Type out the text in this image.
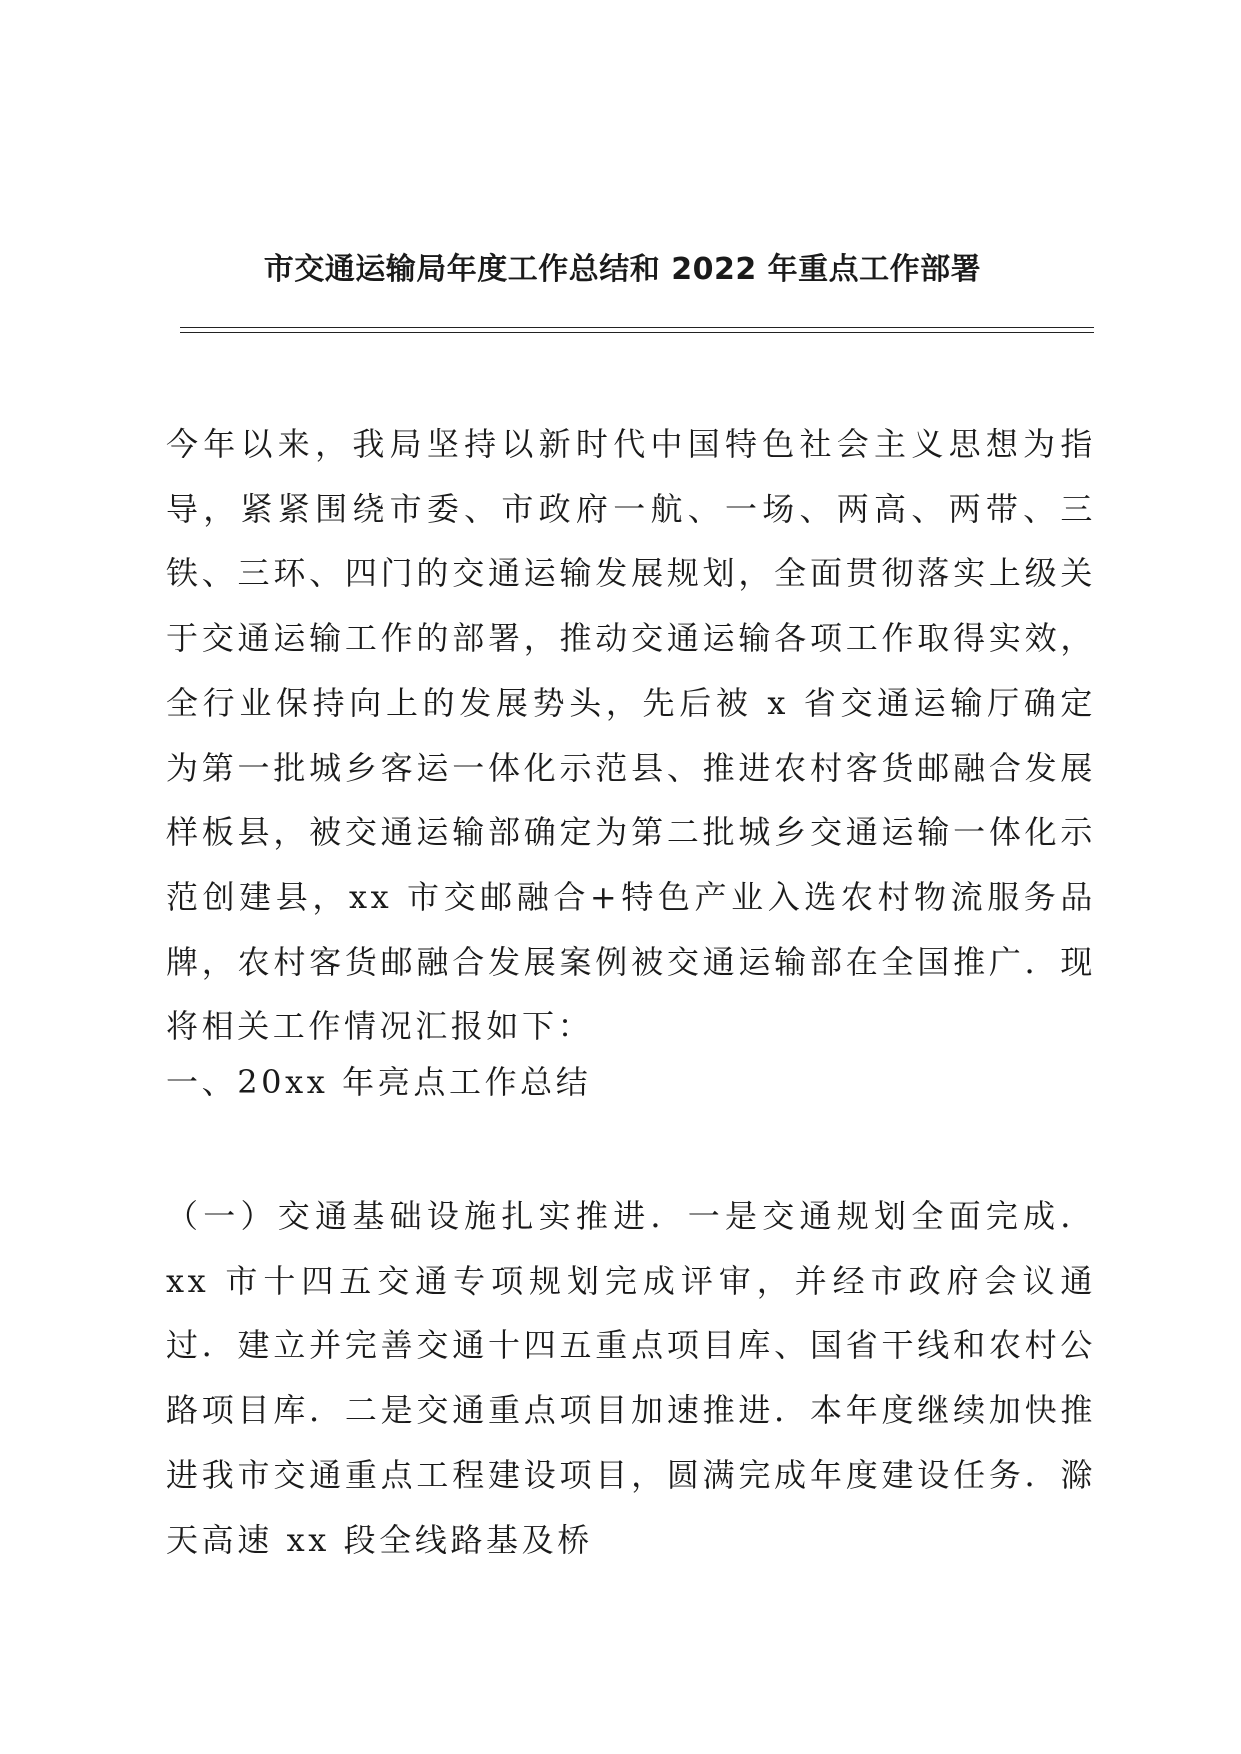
市交通运输局年度工作总结和 2022 年重点工作部署

今年以来，我局坚持以新时代中国特色社会主义思想为指导，紧紧围绕市委、市政府一航、一场、两高、两带、三铁、三环、四门的交通运输发展规划，全面贯彻落实上级关于交通运输工作的部署，推动交通运输各项工作取得实效，全行业保持向上的发展势头，先后被 x 省交通运输厅确定为第一批城乡客运一体化示范县、推进农村客货邮融合发展样板县，被交通运输部确定为第二批城乡交通运输一体化示范创建县，xx 市交邮融合+特色产业入选农村物流服务品牌，农村客货邮融合发展案例被交通运输部在全国推广．现将相关工作情况汇报如下：

一、20xx 年亮点工作总结

（一）交通基础设施扎实推进．一是交通规划全面完成．xx 市十四五交通专项规划完成评审，并经市政府会议通过．建立并完善交通十四五重点项目库、国省干线和农村公路项目库．二是交通重点项目加速推进．本年度继续加快推进我市交通重点工程建设项目，圆满完成年度建设任务．滁天高速 xx 段全线路基及桥
